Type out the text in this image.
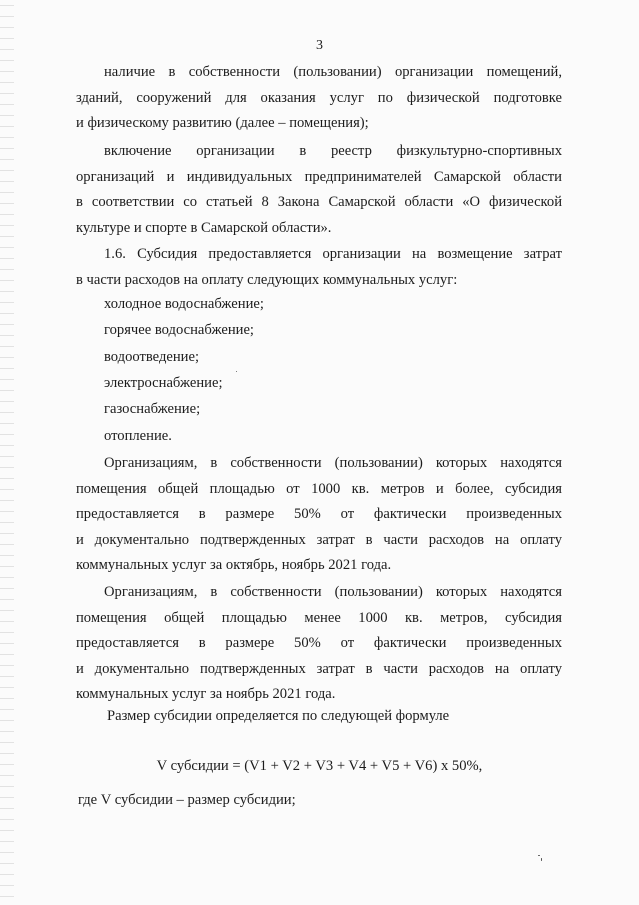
3
наличие в собственности (пользовании) организации помещений,
зданий, сооружений для оказания услуг по физической подготовке
и физическому развитию (далее – помещения);
включение организации в реестр физкультурно-спортивных
организаций и индивидуальных предпринимателей Самарской области
в соответствии со статьей 8 Закона Самарской области «О физической
культуре и спорте в Самарской области».
1.6. Субсидия предоставляется организации на возмещение затрат
в части расходов на оплату следующих коммунальных услуг:
холодное водоснабжение;
горячее водоснабжение;
водоотведение;
электроснабжение;
газоснабжение;
отопление.
Организациям, в собственности (пользовании) которых находятся
помещения общей площадью от 1000 кв. метров и более, субсидия
предоставляется в размере 50% от фактически произведенных
и документально подтвержденных затрат в части расходов на оплату
коммунальных услуг за октябрь, ноябрь 2021 года.
Организациям, в собственности (пользовании) которых находятся
помещения общей площадью менее 1000 кв. метров, субсидия
предоставляется в размере 50% от фактически произведенных
и документально подтвержденных затрат в части расходов на оплату
коммунальных услуг за ноябрь 2021 года.
Размер субсидии определяется по следующей формуле
V субсидии = (V1 + V2 + V3 + V4 + V5 + V6) x 50%,
где V субсидии – размер субсидии;
